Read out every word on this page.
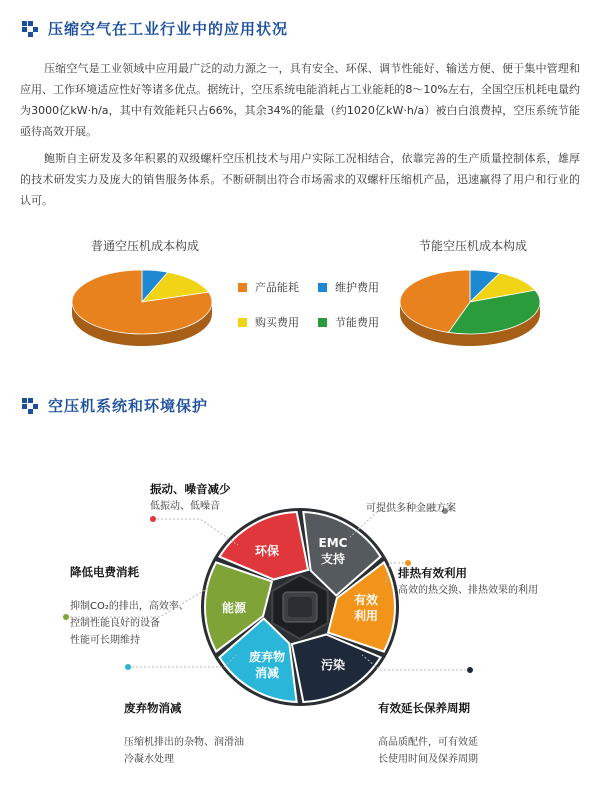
压缩空气在工业行业中的应用状况

压缩空气是工业领域中应用最广泛的动力源之一，具有安全、环保、调节性能好、输送方便、便于集中管理和应用、工作环境适应性好等诸多优点。据统计，空压系统电能消耗占工业能耗的8～10%左右，全国空压机耗电量约为3000亿kW·h/a，其中有效能耗只占66%，其余34%的能量（约1020亿kW·h/a）被白白浪费掉，空压系统节能亟待高效开展。

鲍斯自主研发及多年积累的双级螺杆空压机技术与用户实际工况相结合，依靠完善的生产质量控制体系，雄厚的技术研发实力及庞大的销售服务体系。不断研制出符合市场需求的双螺杆压缩机产品，迅速赢得了用户和行业的认可。

普通空压机成本构成	节能空压机成本构成
产品能耗	维护费用
购买费用	节能费用
空压机系统和环境保护
环保
EMC 支持
有效利用
污染
废弃物消减
能源
振动、噪音减少
低振动、低噪音	可提供多种金融方案

降低电费消耗

抑制CO₂的排出，高效率、
控制性能良好的设备
性能可长期维持

排热有效利用
高效的热交换、排热效果的利用

废弃物消减

压缩机排出的杂物、润滑油
冷凝水处理

有效延长保养周期

高品质配件，可有效延
长使用时间及保养周期
